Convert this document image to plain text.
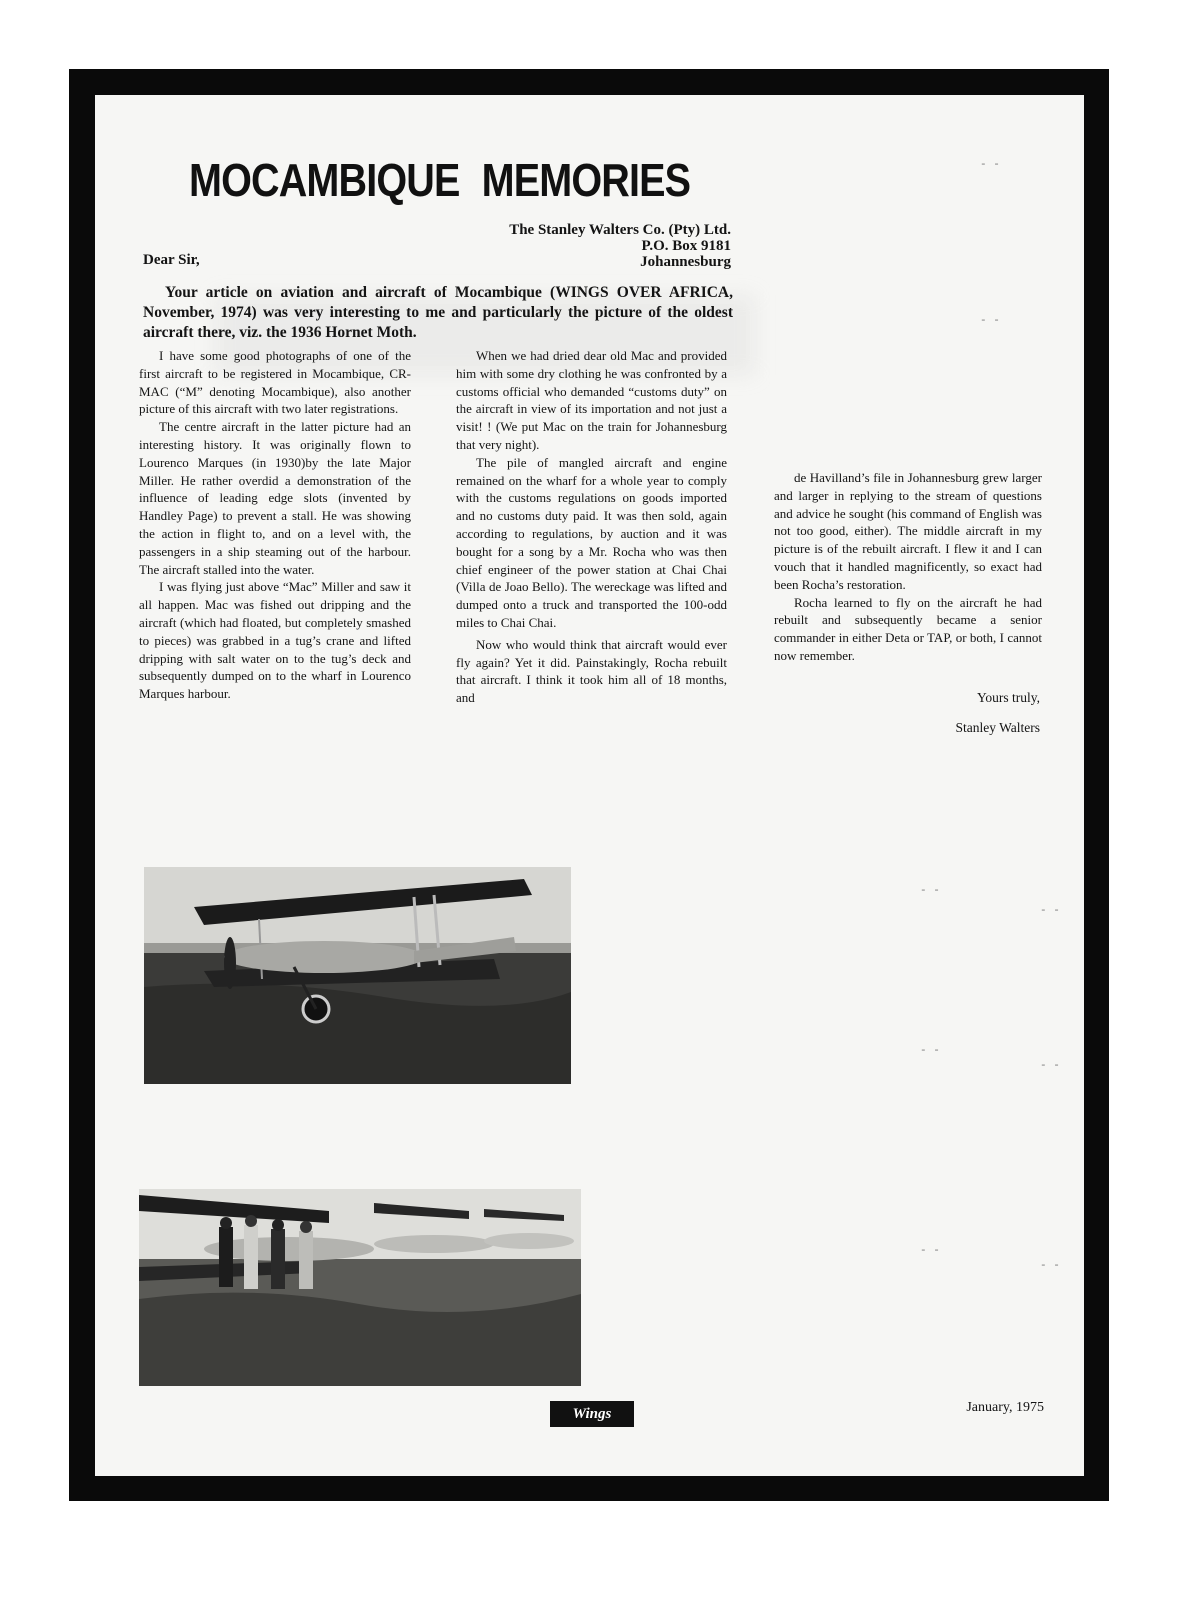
MOCAMBIQUE MEMORIES
The Stanley Walters Co. (Pty) Ltd.
P.O. Box 9181
Johannesburg
Dear Sir,

Your article on aviation and aircraft of Mocambique (WINGS OVER AFRICA, November, 1974) was very interesting to me and particularly the picture of the oldest aircraft there, viz. the 1936 Hornet Moth.

I have some good photographs of one of the first aircraft to be registered in Mocambique, CR-MAC (“M” denoting Mocambique), also another picture of this aircraft with two later registrations.

The centre aircraft in the latter picture had an interesting history. It was originally flown to Lourenco Marques (in 1930)by the late Major Miller. He rather overdid a demonstration of the influence of leading edge slots (invented by Handley Page) to prevent a stall. He was showing the action in flight to, and on a level with, the passengers in a ship steaming out of the harbour. The aircraft stalled into the water.

I was flying just above “Mac” Miller and saw it all happen. Mac was fished out dripping and the aircraft (which had floated, but completely smashed to pieces) was grabbed in a tug’s crane and lifted dripping with salt water on to the tug’s deck and subsequently dumped on to the wharf in Lourenco Marques harbour.

When we had dried dear old Mac and provided him with some dry clothing he was confronted by a customs official who demanded “customs duty” on the aircraft in view of its importation and not just a visit! ! (We put Mac on the train for Johannesburg that very night).

The pile of mangled aircraft and engine remained on the wharf for a whole year to comply with the customs regulations on goods imported and no customs duty paid. It was then sold, again according to regulations, by auction and it was bought for a song by a Mr. Rocha who was then chief engineer of the power station at Chai Chai (Villa de Joao Bello). The wereckage was lifted and dumped onto a truck and transported the 100-odd miles to Chai Chai.

Now who would think that aircraft would ever fly again? Yet it did. Painstakingly, Rocha rebuilt that aircraft. I think it took him all of 18 months, and

de Havilland’s file in Johannesburg grew larger and larger in replying to the stream of questions and advice he sought (his command of English was not too good, either). The middle aircraft in my picture is of the rebuilt aircraft. I flew it and I can vouch that it handled magnificently, so exact had been Rocha’s restoration.

Rocha learned to fly on the aircraft he had rebuilt and subsequently became a senior commander in either Deta or TAP, or both, I cannot now remember.

Yours truly,
Stanley Walters
Wings	January, 1975
- -
- -
- -
- -
- -
- -
- -
- -
